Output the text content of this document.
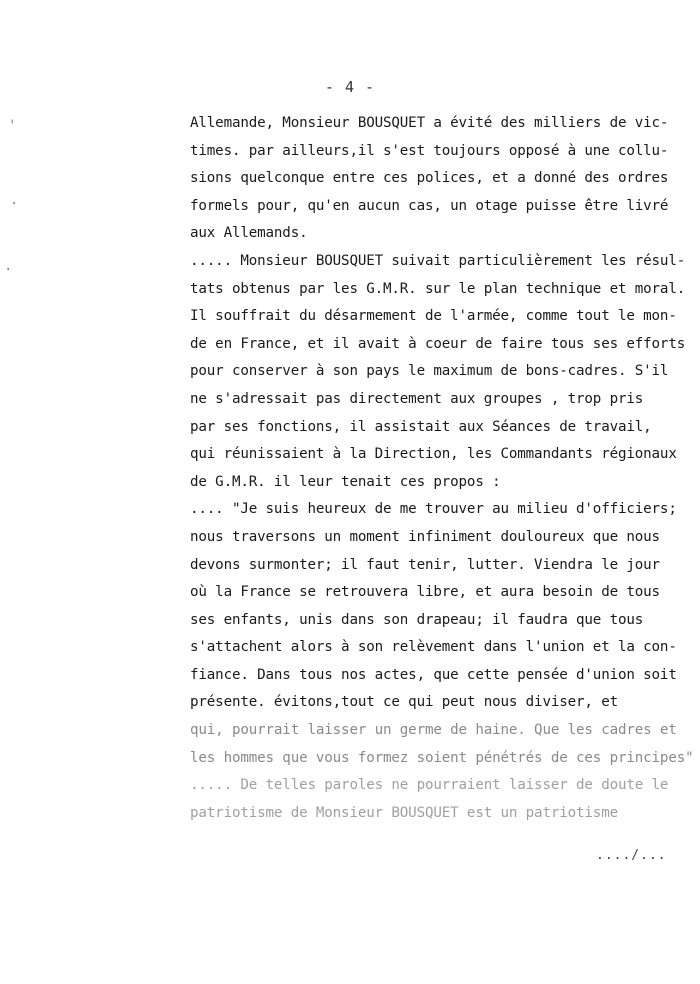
- 4 -
'
·
·
Allemande, Monsieur BOUSQUET a évité des milliers de vic-
times. par ailleurs,il s'est toujours opposé à une collu-
sions quelconque entre ces polices, et a donné des ordres
formels pour, qu'en aucun cas, un otage puisse être livré
aux Allemands.
..... Monsieur BOUSQUET suivait particulièrement les résul-
tats obtenus par les G.M.R. sur le plan technique et moral.
Il souffrait du désarmement de l'armée, comme tout le mon-
de en France, et il avait à coeur de faire tous ses efforts
pour conserver à son pays le maximum de bons-cadres. S'il
ne s'adressait pas directement aux groupes , trop pris
par ses fonctions, il assistait aux Séances de travail,
qui réunissaient à la Direction, les Commandants régionaux
de G.M.R. il leur tenait ces propos :
.... "Je suis heureux de me trouver au milieu d'officiers;
nous traversons un moment infiniment douloureux que nous
devons surmonter; il faut tenir, lutter. Viendra le jour
où la France se retrouvera libre, et aura besoin de tous
ses enfants, unis dans son drapeau; il faudra que tous
s'attachent alors à son relèvement dans l'union et la con-
fiance. Dans tous nos actes, que cette pensée d'union soit
présente. évitons,tout ce qui peut nous diviser, et
qui, pourrait laisser un germe de haine. Que les cadres et
les hommes que vous formez soient pénétrés de ces principes"
..... De telles paroles ne pourraient laisser de doute le
patriotisme de Monsieur BOUSQUET est un patriotisme
..../...
